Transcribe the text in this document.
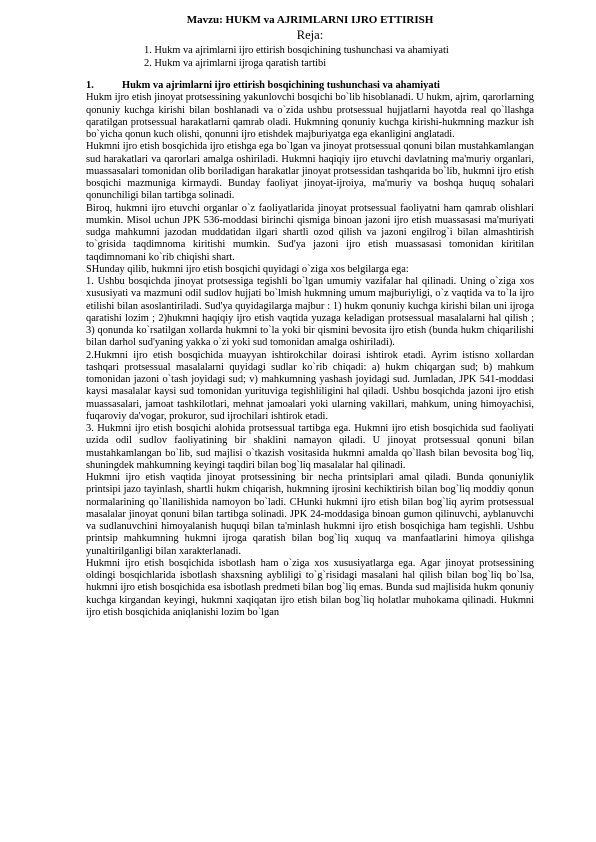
Mavzu: HUKM va AJRIMLARNI IJRO ETTIRISH
Reja:
1. Hukm va ajrimlarni ijro ettirish bosqichining tushunchasi va ahamiyati
2. Hukm va ajrimlarni ijroga qaratish tartibi
1.	Hukm va ajrimlarni ijro ettirish bosqichining tushunchasi va ahamiyati

Hukm ijro etish jinoyat protsessining yakunlovchi bosqichi bo`lib hisoblanadi. U hukm, ajrim, qarorlarning qonuniy kuchga kirishi bilan boshlanadi va o`zida ushbu protsessual hujjatlarni hayotda real qo`llashga qaratilgan protsessual harakatlarni qamrab oladi. Hukmning qonuniy kuchga kirishi-hukmning mazkur ish bo`yicha qonun kuch olishi, qonunni ijro etishdek majburiyatga ega ekanligini anglatadi.

Hukmni ijro etish bosqichida ijro etishga ega bo`lgan va jinoyat protsessual qonuni bilan mustahkamlangan sud harakatlari va qarorlari amalga oshiriladi. Hukmni haqiqiy ijro etuvchi davlatning ma'muriy organlari, muassasalari tomonidan olib boriladigan harakatlar jinoyat protsessidan tashqarida bo`lib, hukmni ijro etish bosqichi mazmuniga kirmaydi. Bunday faoliyat jinoyat-ijroiya, ma'muriy va boshqa huquq sohalari qonunchiligi bilan tartibga solinadi.

Biroq, hukmni ijro etuvchi organlar o`z faoliyatlarida jinoyat protsessual faoliyatni ham qamrab olishlari mumkin. Misol uchun JPK 536-moddasi birinchi qismiga binoan jazoni ijro etish muassasasi ma'muriyati sudga mahkumni jazodan muddatidan ilgari shartli ozod qilish va jazoni engilrog`i bilan almashtirish to`grisida taqdimnoma kiritishi mumkin. Sud'ya jazoni ijro etish muassasasi tomonidan kiritilan taqdimnomani ko`rib chiqishi shart.

SHunday qilib, hukmni ijro etish bosqichi quyidagi o`ziga xos belgilarga ega:

1. Ushbu bosqichda jinoyat protsessiga tegishli bo`lgan umumiy vazifalar hal qilinadi. Uning o`ziga xos xususiyati va mazmuni odil sudlov hujjati bo`lmish hukmning umum majburiyligi, o`z vaqtida va to`la ijro etilishi bilan asoslantiriladi. Sud'ya quyidagilarga majbur : 1) hukm qonuniy kuchga kirishi bilan uni ijroga qaratishi lozim ; 2)hukmni haqiqiy ijro etish vaqtida yuzaga keladigan protsessual masalalarni hal qilish ; 3) qonunda ko`rsatilgan xollarda hukmni to`la yoki bir qismini bevosita ijro etish (bunda hukm chiqarilishi bilan darhol sud'yaning yakka o`zi yoki sud tomonidan amalga oshiriladi).

2.Hukmni ijro etish bosqichida muayyan ishtirokchilar doirasi ishtirok etadi. Ayrim istisno xollardan tashqari protsessual masalalarni quyidagi sudlar ko`rib chiqadi: a) hukm chiqargan sud; b) mahkum tomonidan jazoni o`tash joyidagi sud; v) mahkumning yashash joyidagi sud. Jumladan, JPK 541-moddasi kaysi masalalar kaysi sud tomonidan yurituviga tegishliligini hal qiladi. Ushbu bosqichda jazoni ijro etish muassasalari, jamoat tashkilotlari, mehnat jamoalari yoki ularning vakillari, mahkum, uning himoyachisi, fuqaroviy da'vogar, prokuror, sud ijrochilari ishtirok etadi.

3. Hukmni ijro etish bosqichi alohida protsessual tartibga ega. Hukmni ijro etish bosqichida sud faoliyati uzida odil sudlov faoliyatining bir shaklini namayon qiladi. U jinoyat protsessual qonuni bilan mustahkamlangan bo`lib, sud majlisi o`tkazish vositasida hukmni amalda qo`llash bilan bevosita bog`liq, shuningdek mahkumning keyingi taqdiri bilan bog`liq masalalar hal qilinadi.

Hukmni ijro etish vaqtida jinoyat protsessining bir necha printsiplari amal qiladi. Bunda qonuniylik printsipi jazo tayinlash, shartli hukm chiqarish, hukmning ijrosini kechiktirish bilan bog`liq moddiy qonun normalarining qo`llanilishida namoyon bo`ladi. CHunki hukmni ijro etish bilan bog`liq ayrim protsessual masalalar jinoyat qonuni bilan tartibga solinadi. JPK 24-moddasiga binoan gumon qilinuvchi, ayblanuvchi va sudlanuvchini himoyalanish huquqi bilan ta'minlash hukmni ijro etish bosqichiga ham tegishli. Ushbu printsip mahkumning hukmni ijroga qaratish bilan bog`liq xuquq va manfaatlarini himoya qilishga yunaltirilganligi bilan xarakterlanadi.

Hukmni ijro etish bosqichida isbotlash ham o`ziga xos xususiyatlarga ega. Agar jinoyat protsessining oldingi bosqichlarida isbotlash shaxsning aybliligi to`g`risidagi masalani hal qilish bilan bog`liq bo`lsa, hukmni ijro etish bosqichida esa isbotlash predmeti bilan bog`liq emas. Bunda sud majlisida hukm qonuniy kuchga kirgandan keyingi, hukmni xaqiqatan ijro etish bilan bog`liq holatlar muhokama qilinadi. Hukmni ijro etish bosqichida aniqlanishi lozim bo`lgan
